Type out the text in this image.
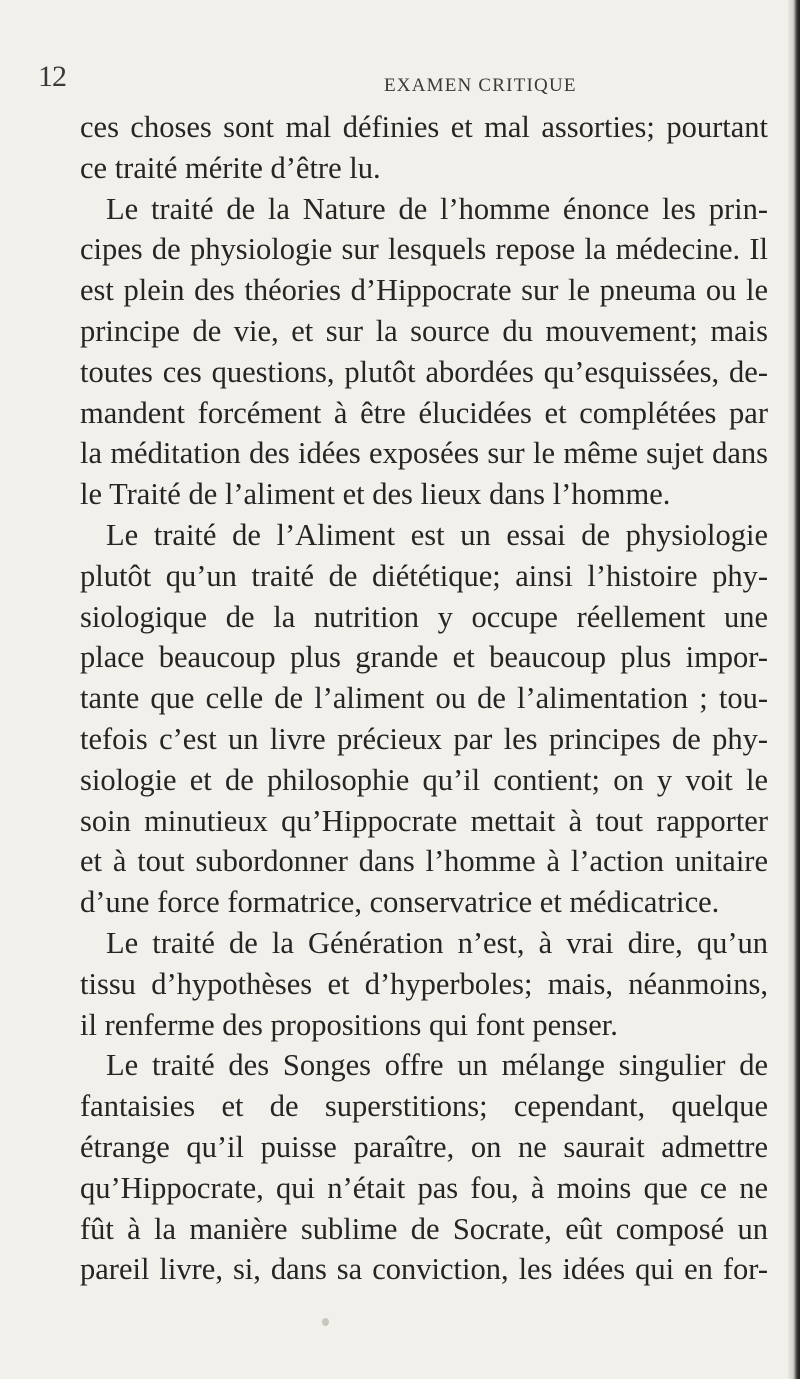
12	EXAMEN CRITIQUE
ces choses sont mal définies et mal assorties; pourtant
ce traité mérite d’être lu.
Le traité de la Nature de l’homme énonce les prin-
cipes de physiologie sur lesquels repose la médecine. Il
est plein des théories d’Hippocrate sur le pneuma ou le
principe de vie, et sur la source du mouvement; mais
toutes ces questions, plutôt abordées qu’esquissées, de-
mandent forcément à être élucidées et complétées par
la méditation des idées exposées sur le même sujet dans
le Traité de l’aliment et des lieux dans l’homme.
Le traité de l’Aliment est un essai de physiologie
plutôt qu’un traité de diététique; ainsi l’histoire phy-
siologique de la nutrition y occupe réellement une
place beaucoup plus grande et beaucoup plus impor-
tante que celle de l’aliment ou de l’alimentation ; tou-
tefois c’est un livre précieux par les principes de phy-
siologie et de philosophie qu’il contient; on y voit le
soin minutieux qu’Hippocrate mettait à tout rapporter
et à tout subordonner dans l’homme à l’action unitaire
d’une force formatrice, conservatrice et médicatrice.
Le traité de la Génération n’est, à vrai dire, qu’un
tissu d’hypothèses et d’hyperboles; mais, néanmoins,
il renferme des propositions qui font penser.
Le traité des Songes offre un mélange singulier de
fantaisies et de superstitions; cependant, quelque
étrange qu’il puisse paraître, on ne saurait admettre
qu’Hippocrate, qui n’était pas fou, à moins que ce ne
fût à la manière sublime de Socrate, eût composé un
pareil livre, si, dans sa conviction, les idées qui en for-
